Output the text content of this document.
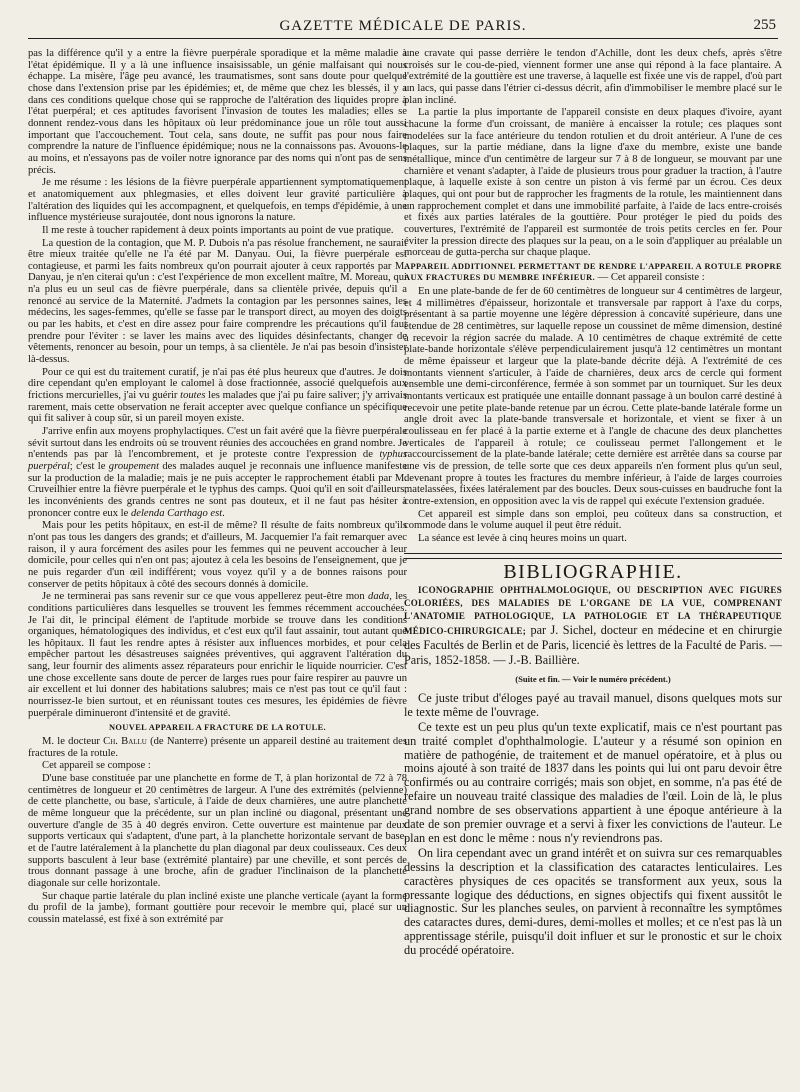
GAZETTE MÉDICALE DE PARIS.	255

pas la différence qu'il y a entre la fièvre puerpérale sporadique et la même maladie à l'état épidémique. Il y a là une influence insaisissable, un génie malfaisant qui nous échappe. La misère, l'âge peu avancé, les traumatismes, sont sans doute pour quelque chose dans l'extension prise par les épidémies; et, de même que chez les blessés, il y a dans ces conditions quelque chose qui se rapproche de l'altération des liquides propre à l'état puerpéral; et ces aptitudes favorisent l'invasion de toutes les maladies; elles se donnent rendez-vous dans les hôpitaux où leur prédominance joue un rôle tout aussi important que l'accouchement. Tout cela, sans doute, ne suffit pas pour nous faire comprendre la nature de l'influence épidémique; nous ne la connaissons pas. Avouons-le au moins, et n'essayons pas de voiler notre ignorance par des noms qui n'ont pas de sens précis.

Je me résume : les lésions de la fièvre puerpérale appartiennent symptomatiquement et anatomiquement aux phlegmasies, et elles doivent leur gravité particulière à l'altération des liquides qui les accompagnent, et quelquefois, en temps d'épidémie, à une influence mystérieuse surajoutée, dont nous ignorons la nature.

Il me reste à toucher rapidement à deux points importants au point de vue pratique.

La question de la contagion, que M. P. Dubois n'a pas résolue franchement, ne saurait être mieux traitée qu'elle ne l'a été par M. Danyau. Oui, la fièvre puerpérale est contagieuse, et parmi les faits nombreux qu'on pourrait ajouter à ceux rapportés par M. Danyau, je n'en citerai qu'un : c'est l'expérience de mon excellent maître, M. Moreau, qui n'a plus eu un seul cas de fièvre puerpérale, dans sa clientèle privée, depuis qu'il a renoncé au service de la Maternité. J'admets la contagion par les personnes saines, les médecins, les sages-femmes, qu'elle se fasse par le transport direct, au moyen des doigts ou par les habits, et c'est en dire assez pour faire comprendre les précautions qu'il faut prendre pour l'éviter : se laver les mains avec des liquides désinfectants, changer de vêtements, renoncer au besoin, pour un temps, à sa clientèle. Je n'ai pas besoin d'insister là-dessus.

Pour ce qui est du traitement curatif, je n'ai pas été plus heureux que d'autres. Je dois dire cependant qu'en employant le calomel à dose fractionnée, associé quelquefois aux frictions mercurielles, j'ai vu guérir toutes les malades que j'ai pu faire saliver; j'y arrivais rarement, mais cette observation ne ferait accepter avec quelque confiance un spécifique qui fit saliver à coup sûr, si un pareil moyen existe.

J'arrive enfin aux moyens prophylactiques. C'est un fait avéré que la fièvre puerpérale sévit surtout dans les endroits où se trouvent réunies des accouchées en grand nombre. Je n'entends pas par là l'encombrement, et je proteste contre l'expression de typhus puerpéral; c'est le groupement des malades auquel je reconnais une influence manifeste sur la production de la maladie; mais je ne puis accepter le rapprochement établi par M. Cruveilhier entre la fièvre puerpérale et le typhus des camps. Quoi qu'il en soit d'ailleurs, les inconvénients des grands centres ne sont pas douteux, et il ne faut pas hésiter à prononcer contre eux le delenda Carthago est.

Mais pour les petits hôpitaux, en est-il de même? Il résulte de faits nombreux qu'ils n'ont pas tous les dangers des grands; et d'ailleurs, M. Jacquemier l'a fait remarquer avec raison, il y aura forcément des asiles pour les femmes qui ne peuvent accoucher à leur domicile, pour celles qui n'en ont pas; ajoutez à cela les besoins de l'enseignement, que je ne puis regarder d'un œil indifférent; vous voyez qu'il y a de bonnes raisons pour conserver de petits hôpitaux à côté des secours donnés à domicile.

Je ne terminerai pas sans revenir sur ce que vous appellerez peut-être mon dada, les conditions particulières dans lesquelles se trouvent les femmes récemment accouchées. Je l'ai dit, le principal élément de l'aptitude morbide se trouve dans les conditions organiques, hématologiques des individus, et c'est eux qu'il faut assainir, tout autant que les hôpitaux. Il faut les rendre aptes à résister aux influences morbides, et pour cela empêcher partout les désastreuses saignées préventives, qui aggravent l'altération du sang, leur fournir des aliments assez réparateurs pour enrichir le liquide nourricier. C'est une chose excellente sans doute de percer de larges rues pour faire respirer au pauvre un air excellent et lui donner des habitations salubres; mais ce n'est pas tout ce qu'il faut : nourrissez-le bien surtout, et en réunissant toutes ces mesures, les épidémies de fièvre puerpérale diminueront d'intensité et de gravité.

NOUVEL APPAREIL A FRACTURE DE LA ROTULE.

M. le docteur Ch. Ballu (de Nanterre) présente un appareil destiné au traitement des fractures de la rotule.

Cet appareil se compose :

D'une base constituée par une planchette en forme de T, à plan horizontal de 72 à 78 centimètres de longueur et 20 centimètres de largeur. A l'une des extrémités (pelvienne) de cette planchette, ou base, s'articule, à l'aide de deux charnières, une autre planchette de même longueur que la précédente, sur un plan incliné ou diagonal, présentant une ouverture d'angle de 35 à 40 degrés environ. Cette ouverture est maintenue par deux supports verticaux qui s'adaptent, d'une part, à la planchette horizontale servant de base, et de l'autre latéralement à la planchette du plan diagonal par deux coulisseaux. Ces deux supports basculent à leur base (extrémité plantaire) par une cheville, et sont percés de trous donnant passage à une broche, afin de graduer l'inclinaison de la planchette diagonale sur celle horizontale.

Sur chaque partie latérale du plan incliné existe une planche verticale (ayant la forme du profil de la jambe), formant gouttière pour recevoir le membre qui, placé sur un coussin matelassé, est fixé à son extrémité par

une cravate qui passe derrière le tendon d'Achille, dont les deux chefs, après s'être croisés sur le cou-de-pied, viennent former une anse qui répond à la face plantaire. A l'extrémité de la gouttière est une traverse, à laquelle est fixée une vis de rappel, d'où part un lacs, qui passe dans l'étrier ci-dessus décrit, afin d'immobiliser le membre placé sur le plan incliné.

La partie la plus importante de l'appareil consiste en deux plaques d'ivoire, ayant chacune la forme d'un croissant, de manière à encaisser la rotule; ces plaques sont modelées sur la face antérieure du tendon rotulien et du droit antérieur. A l'une de ces plaques, sur la partie médiane, dans la ligne d'axe du membre, existe une bande métallique, mince d'un centimètre de largeur sur 7 à 8 de longueur, se mouvant par une charnière et venant s'adapter, à l'aide de plusieurs trous pour graduer la traction, à l'autre plaque, à laquelle existe à son centre un piston à vis fermé par un écrou. Ces deux plaques, qui ont pour but de rapprocher les fragments de la rotule, les maintiennent dans un rapprochement complet et dans une immobilité parfaite, à l'aide de lacs entre-croisés et fixés aux parties latérales de la gouttière. Pour protéger le pied du poids des couvertures, l'extrémité de l'appareil est surmontée de trois petits cercles en fer. Pour éviter la pression directe des plaques sur la peau, on a le soin d'appliquer au préalable un morceau de gutta-percha sur chaque plaque.

APPAREIL ADDITIONNEL PERMETTANT DE RENDRE L'APPAREIL A ROTULE PROPRE AUX FRACTURES DU MEMBRE INFÉRIEUR. — Cet appareil consiste :

En une plate-bande de fer de 60 centimètres de longueur sur 4 centimètres de largeur, et 4 millimètres d'épaisseur, horizontale et transversale par rapport à l'axe du corps, présentant à sa partie moyenne une légère dépression à concavité supérieure, dans une étendue de 28 centimètres, sur laquelle repose un coussinet de même dimension, destiné à recevoir la région sacrée du malade. A 10 centimètres de chaque extrémité de cette plate-bande horizontale s'élève perpendiculairement jusqu'à 12 centimètres un montant de même épaisseur et largeur que la plate-bande décrite déjà. A l'extrémité de ces montants viennent s'articuler, à l'aide de charnières, deux arcs de cercle qui forment ensemble une demi-circonférence, fermée à son sommet par un tourniquet. Sur les deux montants verticaux est pratiquée une entaille donnant passage à un boulon carré destiné à recevoir une petite plate-bande retenue par un écrou. Cette plate-bande latérale forme un angle droit avec la plate-bande transversale et horizontale, et vient se fixer à un coulisseau en fer placé à la partie externe et à l'angle de chacune des deux planchettes verticales de l'appareil à rotule; ce coulisseau permet l'allongement et le raccourcissement de la plate-bande latérale; cette dernière est arrêtée dans sa course par une vis de pression, de telle sorte que ces deux appareils n'en forment plus qu'un seul, devenant propre à toutes les fractures du membre inférieur, à l'aide de larges courroies matelassées, fixées latéralement par des boucles. Deux sous-cuisses en baudruche font la contre-extension, en opposition avec la vis de rappel qui exécute l'extension graduée.

Cet appareil est simple dans son emploi, peu coûteux dans sa construction, et commode dans le volume auquel il peut être réduit.

La séance est levée à cinq heures moins un quart.

BIBLIOGRAPHIE.

ICONOGRAPHIE OPHTHALMOLOGIQUE, OU DESCRIPTION AVEC FIGURES COLORIÉES, DES MALADIES DE L'ORGANE DE LA VUE, COMPRENANT L'ANATOMIE PATHOLOGIQUE, LA PATHOLOGIE ET LA THÉRAPEUTIQUE MÉDICO-CHIRURGICALE; par J. Sichel, docteur en médecine et en chirurgie des Facultés de Berlin et de Paris, licencié ès lettres de la Faculté de Paris. — Paris, 1852-1858. — J.-B. Baillière.

(Suite et fin. — Voir le numéro précédent.)

Ce juste tribut d'éloges payé au travail manuel, disons quelques mots sur le texte même de l'ouvrage.

Ce texte est un peu plus qu'un texte explicatif, mais ce n'est pourtant pas un traité complet d'ophthalmologie. L'auteur y a résumé son opinion en matière de pathogénie, de traitement et de manuel opératoire, et à plus ou moins ajouté à son traité de 1837 dans les points qui lui ont paru devoir être confirmés ou au contraire corrigés; mais son objet, en somme, n'a pas été de refaire un nouveau traité classique des maladies de l'œil. Loin de là, le plus grand nombre de ses observations appartient à une époque antérieure à la date de son premier ouvrage et a servi à fixer les convictions de l'auteur. Le plan en est donc le même : nous n'y reviendrons pas.

On lira cependant avec un grand intérêt et on suivra sur ces remarquables dessins la description et la classification des cataractes lenticulaires. Les caractères physiques de ces opacités se transforment aux yeux, sous la pressante logique des déductions, en signes objectifs qui fixent aussitôt le diagnostic. Sur les planches seules, on parvient à reconnaître les symptômes des cataractes dures, demi-dures, demi-molles et molles; et ce n'est pas là un apprentissage stérile, puisqu'il doit influer et sur le pronostic et sur le choix du procédé opératoire.
